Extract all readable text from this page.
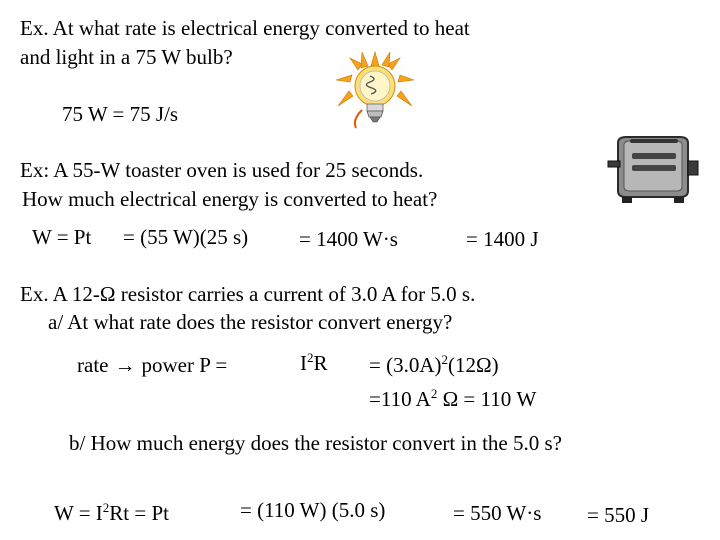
Ex. At what rate is electrical energy converted to heat
and light in a 75 W bulb?
75 W = 75 J/s
Ex: A 55-W toaster oven is used for 25 seconds.
How much electrical energy is converted to heat?
W = Pt = (55 W)(25 s) = 1400 W·s	= 1400 J
Ex. A 12-Ω resistor carries a current of 3.0 A for 5.0 s.
a/ At what rate does the resistor convert energy?
rate → power P =	$I^2R = (3.0A)^2(12\Omega)$
=110 $A^2$ Ω = 110 W
b/ How much energy does the resistor convert in the 5.0 s?
$W = I^2Rt = Pt$	= (110 W) (5.0 s)	= 550 W·s = 550 J
